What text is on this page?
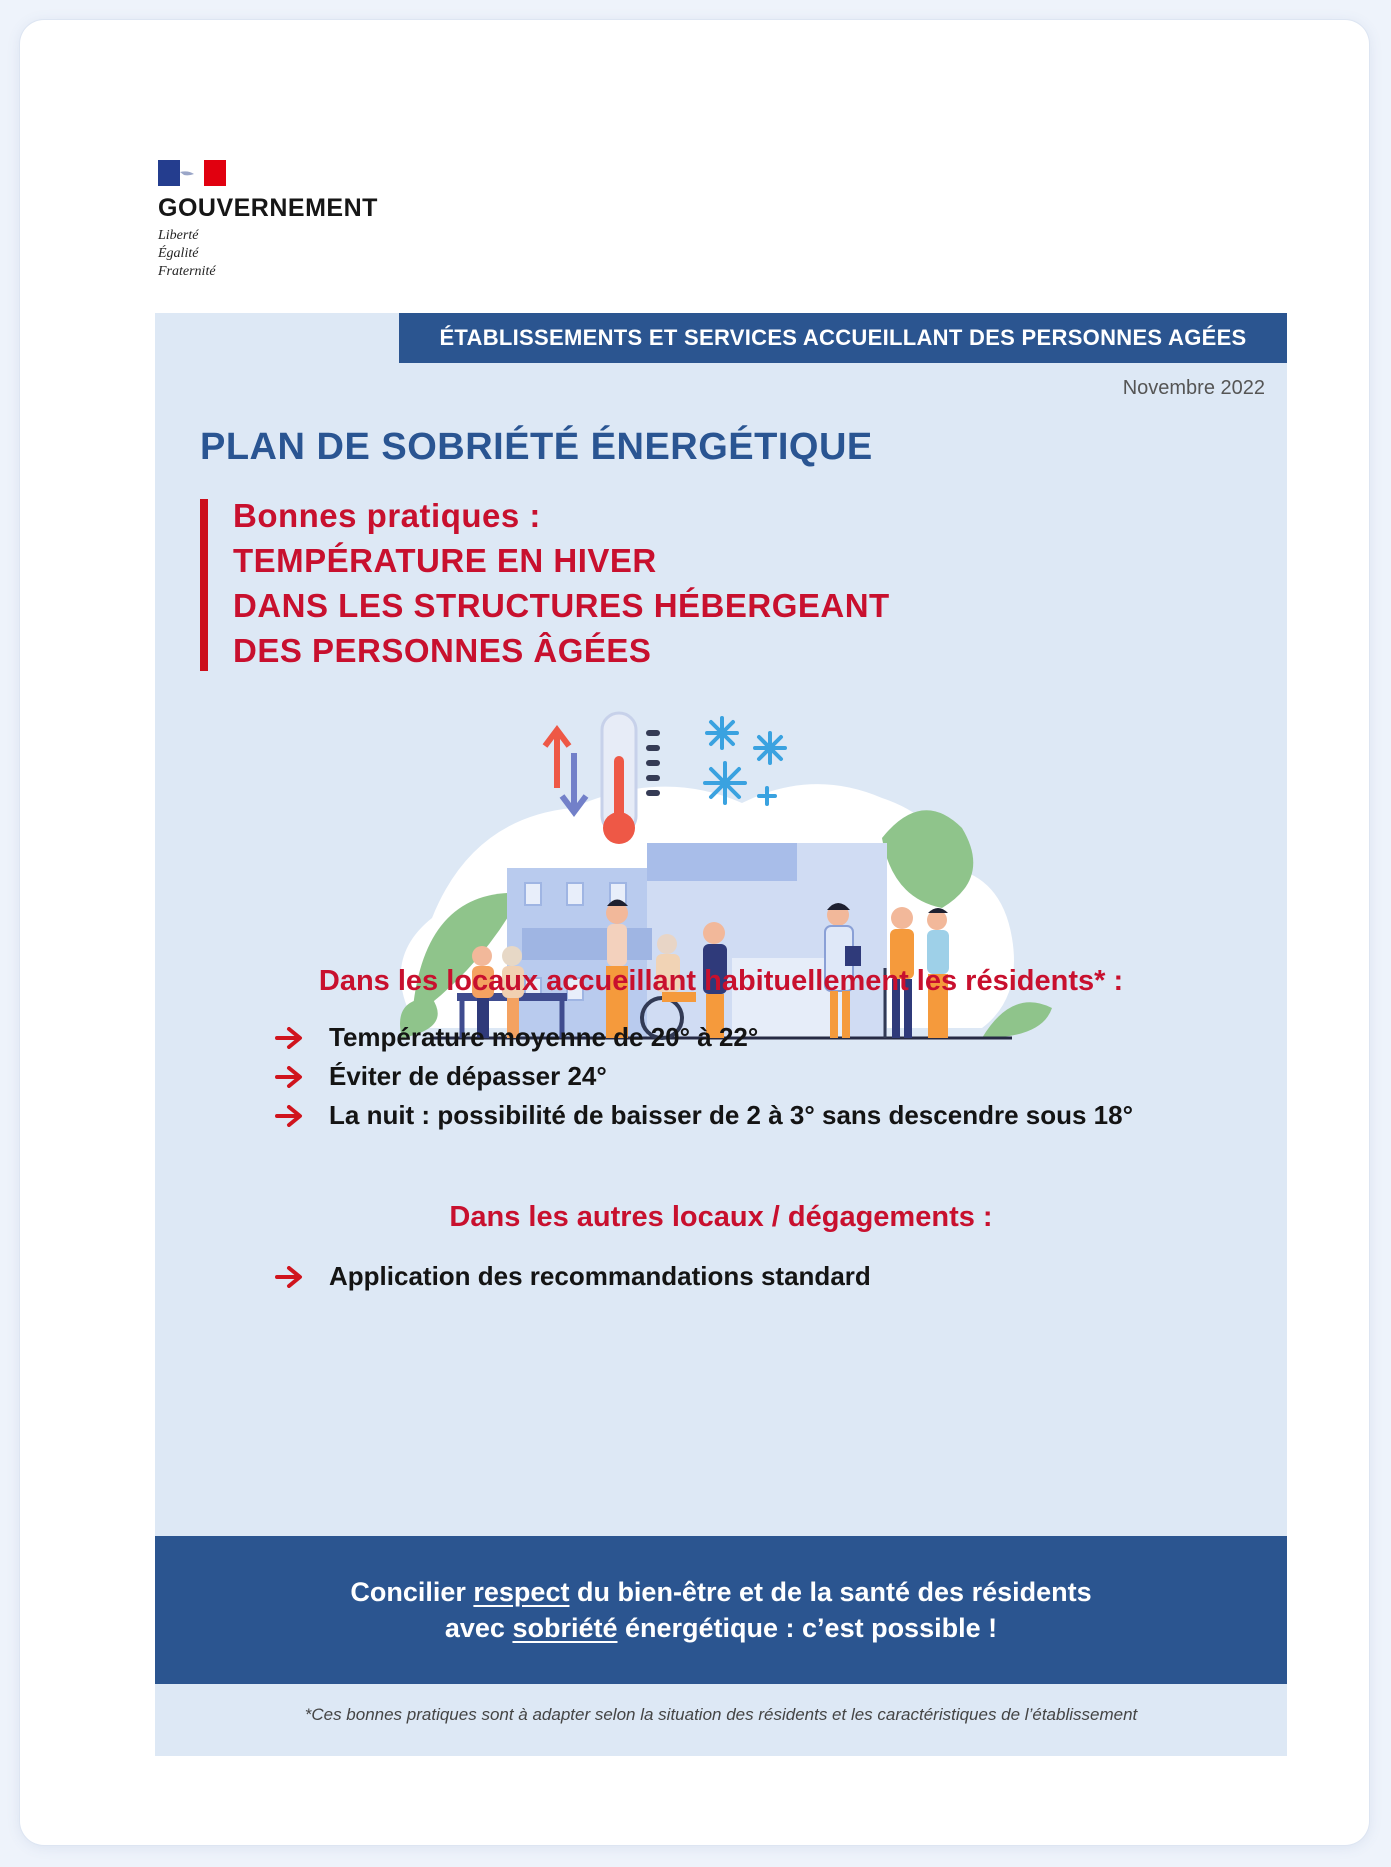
GOUVERNEMENT
Liberté
Égalité
Fraternité
ÉTABLISSEMENTS ET SERVICES ACCUEILLANT DES PERSONNES AGÉES
Novembre 2022
PLAN DE SOBRIÉTÉ ÉNERGÉTIQUE
Bonnes pratiques :
TEMPÉRATURE EN HIVER
DANS LES STRUCTURES HÉBERGEANT
DES PERSONNES ÂGÉES
Dans les locaux accueillant habituellement les résidents* :
Température moyenne de 20° à 22°
Éviter de dépasser 24°
La nuit : possibilité de baisser de 2 à 3° sans descendre sous 18°
Dans les autres locaux / dégagements :
Application des recommandations standard
Concilier respect du bien-être et de la santé des résidents
avec sobriété énergétique : c’est possible !
*Ces bonnes pratiques sont à adapter selon la situation des résidents et les caractéristiques de l’établissement
